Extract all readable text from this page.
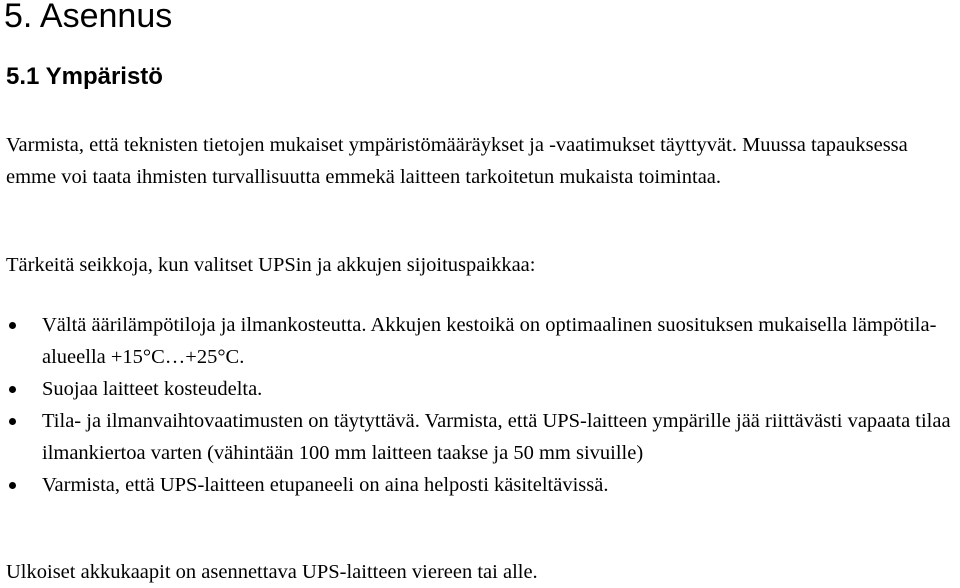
5. Asennus
5.1 Ympäristö

Varmista, että teknisten tietojen mukaiset ympäristömääräykset ja -vaatimukset täyttyvät. Muussa tapauksessa emme voi taata ihmisten turvallisuutta emmekä laitteen tarkoitetun mukaista toimintaa.

Tärkeitä seikkoja, kun valitset UPSin ja akkujen sijoituspaikkaa:

Vältä äärilämpötiloja ja ilmankosteutta. Akkujen kestoikä on optimaalinen suosituksen mukaisella lämpötila-alueella +15°C…+25°C.
Suojaa laitteet kosteudelta.
Tila- ja ilmanvaihtovaatimusten on täytyttävä. Varmista, että UPS-laitteen ympärille jää riittävästi vapaata tilaa ilmankiertoa varten (vähintään 100 mm laitteen taakse ja 50 mm sivuille)
Varmista, että UPS-laitteen etupaneeli on aina helposti käsiteltävissä.

Ulkoiset akkukaapit on asennettava UPS-laitteen viereen tai alle.
